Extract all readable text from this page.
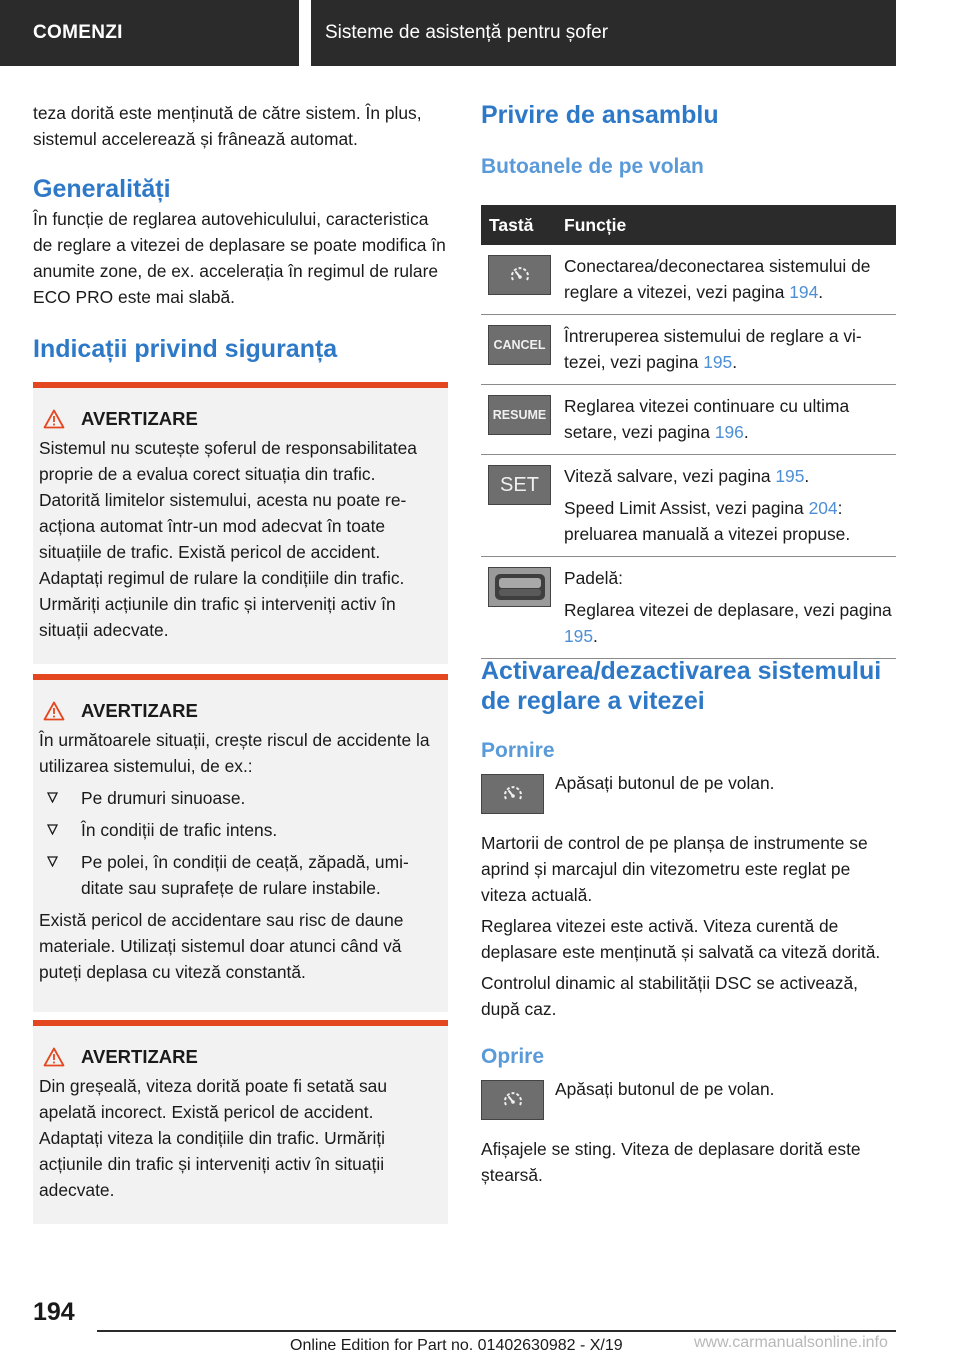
COMENZI	Sisteme de asistență pentru șofer

teza dorită este menținută de către sistem. În plus, sistemul accelerează și frânează automat.

Generalități

În funcție de reglarea autovehiculului, caracteristica de reglare a vitezei de deplasare se poate modifica în anumite zone, de ex. accelerația în regimul de rulare ECO PRO este mai slabă.

Indicații privind siguranța
AVERTIZARE

Sistemul nu scutește șoferul de responsabilitatea proprie de a evalua corect situația din trafic. Datorită limitelor sistemului, acesta nu poate reacționa automat într-un mod adecvat în toate situațiile de trafic. Există pericol de accident. Adaptați regimul de rulare la condițiile din trafic. Urmăriți acțiunile din trafic și interveniți activ în situații adecvate.

AVERTIZARE

În următoarele situații, crește riscul de accidente la utilizarea sistemului, de ex.:

Pe drumuri sinuoase.
În condiții de trafic intens.
Pe polei, în condiții de ceață, zăpadă, umiditate sau suprafețe de rulare instabile.

Există pericol de accidentare sau risc de daune materiale. Utilizați sistemul doar atunci când vă puteți deplasa cu viteză constantă.

AVERTIZARE

Din greșeală, viteza dorită poate fi setată sau apelată incorect. Există pericol de accident. Adaptați viteza la condițiile din trafic. Urmăriți acțiunile din trafic și interveniți activ în situații adecvate.

Privire de ansamblu
Butoanele de pe volan
Tastă	Funcție
Conectarea/deconectarea sistemului de reglare a vitezei, vezi pagina 194.
CANCEL	Întreruperea sistemului de reglare a vitezei, vezi pagina 195.
RESUME Reglarea vitezei continuare cu ultima setare, vezi pagina 196.
SET	Viteză salvare, vezi pagina 195.
Speed Limit Assist, vezi pagina 204: preluarea manuală a vitezei propuse.
Padelă:
Reglarea vitezei de deplasare, vezi pagina 195.
Activarea/dezactivarea sistemului de reglare a vitezei
Pornire

Apăsați butonul de pe volan.

Martorii de control de pe planșa de instrumente se aprind și marcajul din vitezometru este reglat pe viteza actuală.

Reglarea vitezei este activă. Viteza curentă de deplasare este menținută și salvată ca viteză dorită.

Controlul dinamic al stabilității DSC se activează, după caz.

Oprire

Apăsați butonul de pe volan.

Afișajele se sting. Viteza de deplasare dorită este ștearsă.

194
Online Edition for Part no. 01402630982 - X/19	www.carmanualsonline.info
